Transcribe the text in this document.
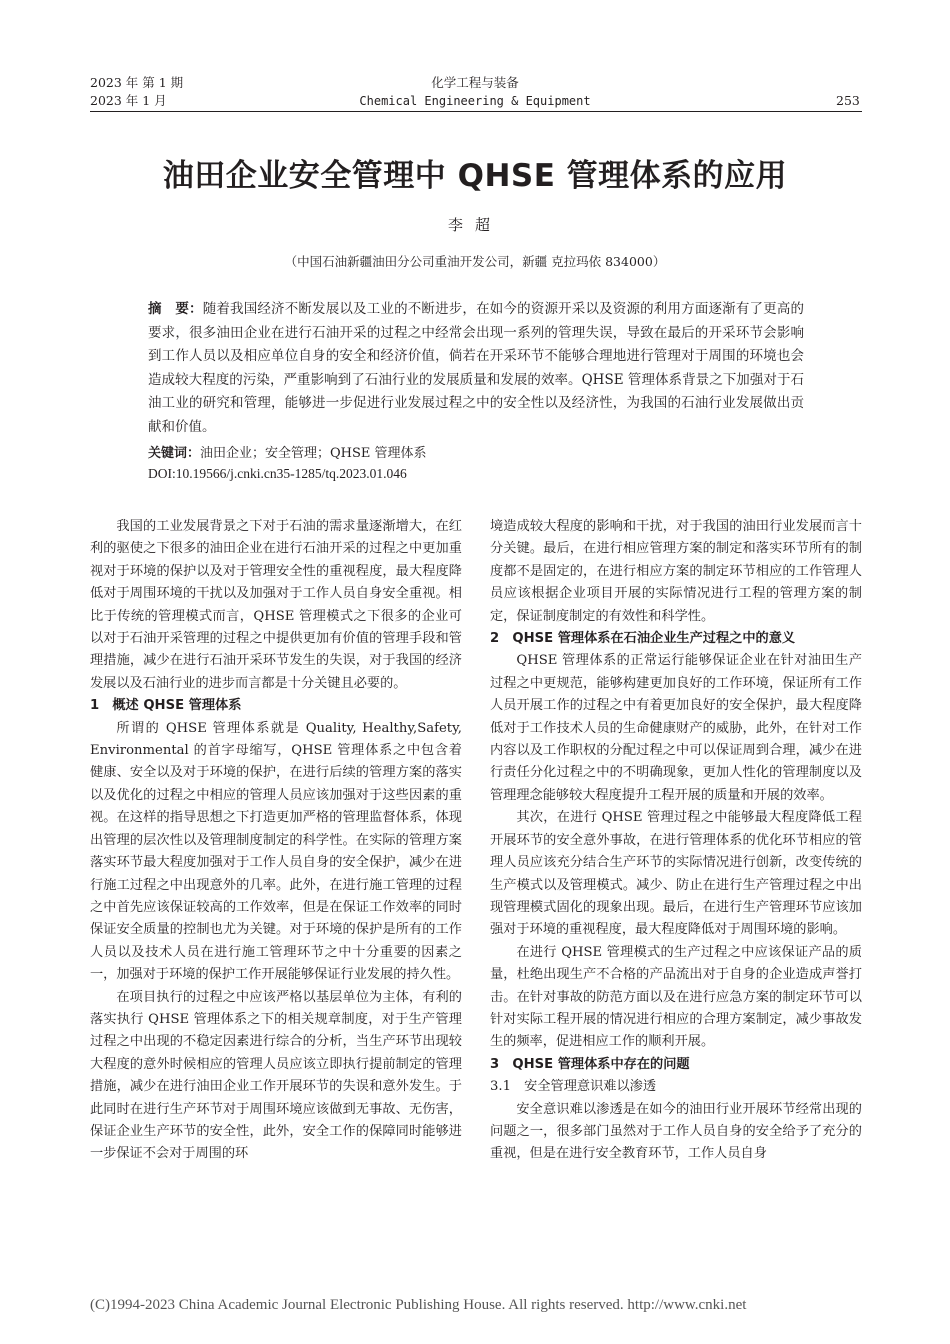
2023 年 第 1 期
2023 年 1 月
化学工程与装备
Chemical Engineering & Equipment	253
油田企业安全管理中 QHSE 管理体系的应用
李超
（中国石油新疆油田分公司重油开发公司，新疆 克拉玛依 834000）
摘　要：随着我国经济不断发展以及工业的不断进步，在如今的资源开采以及资源的利用方面逐渐有了更高的要求，很多油田企业在进行石油开采的过程之中经常会出现一系列的管理失误，导致在最后的开采环节会影响到工作人员以及相应单位自身的安全和经济价值，倘若在开采环节不能够合理地进行管理对于周围的环境也会造成较大程度的污染，严重影响到了石油行业的发展质量和发展的效率。QHSE 管理体系背景之下加强对于石油工业的研究和管理，能够进一步促进行业发展过程之中的安全性以及经济性，为我国的石油行业发展做出贡献和价值。
关键词：油田企业；安全管理；QHSE 管理体系
DOI:10.19566/j.cnki.cn35-1285/tq.2023.01.046

我国的工业发展背景之下对于石油的需求量逐渐增大，在红利的驱使之下很多的油田企业在进行石油开采的过程之中更加重视对于环境的保护以及对于管理安全性的重视程度，最大程度降低对于周围环境的干扰以及加强对于工作人员自身安全重视。相比于传统的管理模式而言，QHSE 管理模式之下很多的企业可以对于石油开采管理的过程之中提供更加有价值的管理手段和管理措施，减少在进行石油开采环节发生的失误，对于我国的经济发展以及石油行业的进步而言都是十分关键且必要的。

1　概述 QHSE 管理体系

所谓的 QHSE 管理体系就是 Quality, Healthy,Safety, Environmental 的首字母缩写，QHSE 管理体系之中包含着健康、安全以及对于环境的保护，在进行后续的管理方案的落实以及优化的过程之中相应的管理人员应该加强对于这些因素的重视。在这样的指导思想之下打造更加严格的管理监督体系，体现出管理的层次性以及管理制度制定的科学性。在实际的管理方案落实环节最大程度加强对于工作人员自身的安全保护，减少在进行施工过程之中出现意外的几率。此外，在进行施工管理的过程之中首先应该保证较高的工作效率，但是在保证工作效率的同时保证安全质量的控制也尤为关键。对于环境的保护是所有的工作人员以及技术人员在进行施工管理环节之中十分重要的因素之一，加强对于环境的保护工作开展能够保证行业发展的持久性。

在项目执行的过程之中应该严格以基层单位为主体，有利的落实执行 QHSE 管理体系之下的相关规章制度，对于生产管理过程之中出现的不稳定因素进行综合的分析，当生产环节出现较大程度的意外时候相应的管理人员应该立即执行提前制定的管理措施，减少在进行油田企业工作开展环节的失误和意外发生。于此同时在进行生产环节对于周围环境应该做到无事故、无伤害，保证企业生产环节的安全性，此外，安全工作的保障同时能够进一步保证不会对于周围的环

境造成较大程度的影响和干扰，对于我国的油田行业发展而言十分关键。最后，在进行相应管理方案的制定和落实环节所有的制度都不是固定的，在进行相应方案的制定环节相应的工作管理人员应该根据企业项目开展的实际情况进行工程的管理方案的制定，保证制度制定的有效性和科学性。

2　QHSE 管理体系在石油企业生产过程之中的意义

QHSE 管理体系的正常运行能够保证企业在针对油田生产过程之中更规范，能够构建更加良好的工作环境，保证所有工作人员开展工作的过程之中有着更加良好的安全保护，最大程度降低对于工作技术人员的生命健康财产的威胁，此外，在针对工作内容以及工作职权的分配过程之中可以保证周到合理，减少在进行责任分化过程之中的不明确现象，更加人性化的管理制度以及管理理念能够较大程度提升工程开展的质量和开展的效率。

其次，在进行 QHSE 管理过程之中能够最大程度降低工程开展环节的安全意外事故，在进行管理体系的优化环节相应的管理人员应该充分结合生产环节的实际情况进行创新，改变传统的生产模式以及管理模式。减少、防止在进行生产管理过程之中出现管理模式固化的现象出现。最后，在进行生产管理环节应该加强对于环境的重视程度，最大程度降低对于周围环境的影响。

在进行 QHSE 管理模式的生产过程之中应该保证产品的质量，杜绝出现生产不合格的产品流出对于自身的企业造成声誉打击。在针对事故的防范方面以及在进行应急方案的制定环节可以针对实际工程开展的情况进行相应的合理方案制定，减少事故发生的频率，促进相应工作的顺利开展。

3　QHSE 管理体系中存在的问题
3.1　安全管理意识难以渗透

安全意识难以渗透是在如今的油田行业开展环节经常出现的问题之一，很多部门虽然对于工作人员自身的安全给予了充分的重视，但是在进行安全教育环节，工作人员自身

(C)1994-2023 China Academic Journal Electronic Publishing House. All rights reserved. http://www.cnki.net
